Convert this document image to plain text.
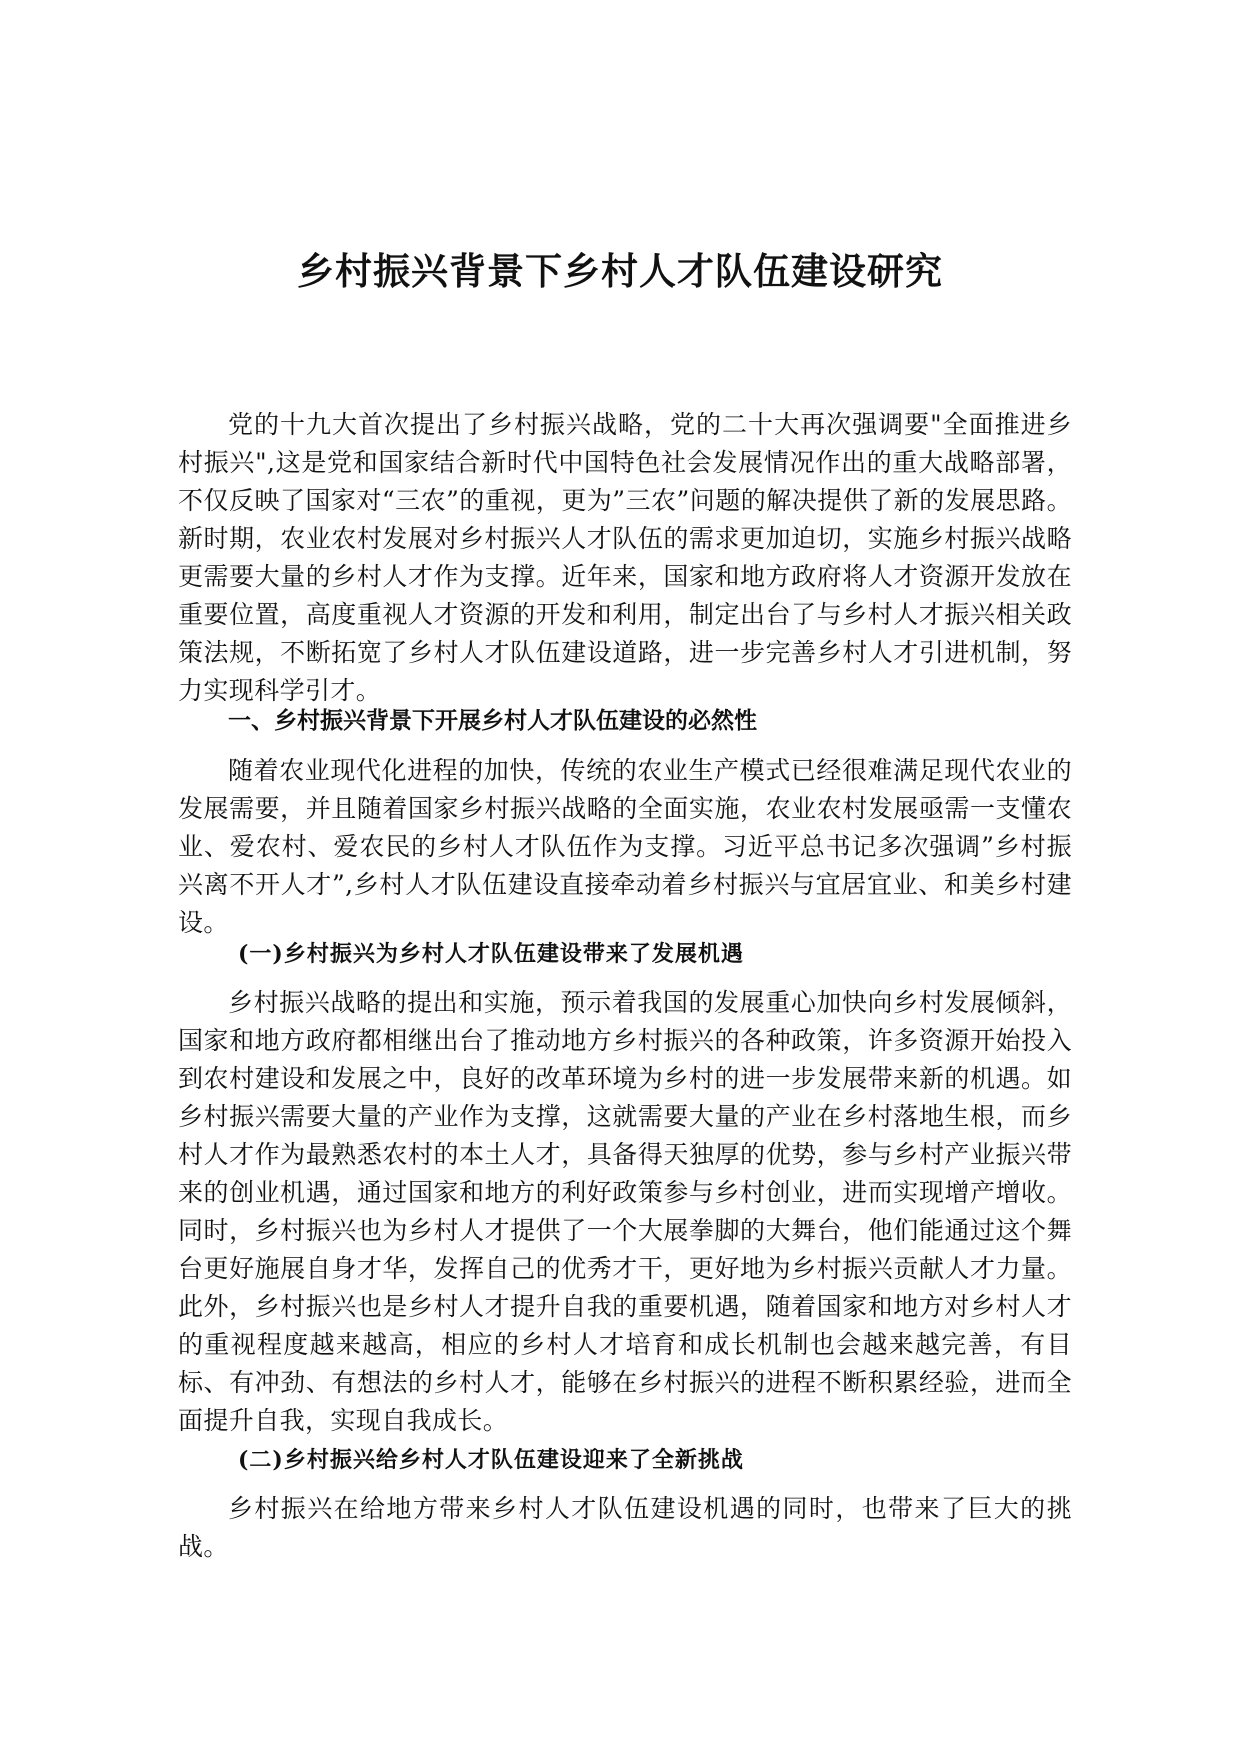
乡村振兴背景下乡村人才队伍建设研究

党的十九大首次提出了乡村振兴战略，党的二十大再次强调要"全面推进乡村振兴",这是党和国家结合新时代中国特色社会发展情况作出的重大战略部署，不仅反映了国家对“三农”的重视，更为”三农”问题的解决提供了新的发展思路。新时期，农业农村发展对乡村振兴人才队伍的需求更加迫切，实施乡村振兴战略更需要大量的乡村人才作为支撑。近年来，国家和地方政府将人才资源开发放在重要位置，高度重视人才资源的开发和利用，制定出台了与乡村人才振兴相关政策法规，不断拓宽了乡村人才队伍建设道路，进一步完善乡村人才引进机制，努力实现科学引才。

一、乡村振兴背景下开展乡村人才队伍建设的必然性

随着农业现代化进程的加快，传统的农业生产模式已经很难满足现代农业的发展需要，并且随着国家乡村振兴战略的全面实施，农业农村发展亟需一支懂农业、爱农村、爱农民的乡村人才队伍作为支撑。习近平总书记多次强调”乡村振兴离不开人才”,乡村人才队伍建设直接牵动着乡村振兴与宜居宜业、和美乡村建设。

(一)乡村振兴为乡村人才队伍建设带来了发展机遇

乡村振兴战略的提出和实施，预示着我国的发展重心加快向乡村发展倾斜，国家和地方政府都相继出台了推动地方乡村振兴的各种政策，许多资源开始投入到农村建设和发展之中，良好的改革环境为乡村的进一步发展带来新的机遇。如乡村振兴需要大量的产业作为支撑，这就需要大量的产业在乡村落地生根，而乡村人才作为最熟悉农村的本土人才，具备得天独厚的优势，参与乡村产业振兴带来的创业机遇，通过国家和地方的利好政策参与乡村创业，进而实现增产增收。同时，乡村振兴也为乡村人才提供了一个大展拳脚的大舞台，他们能通过这个舞台更好施展自身才华，发挥自己的优秀才干，更好地为乡村振兴贡献人才力量。此外，乡村振兴也是乡村人才提升自我的重要机遇，随着国家和地方对乡村人才的重视程度越来越高，相应的乡村人才培育和成长机制也会越来越完善，有目标、有冲劲、有想法的乡村人才，能够在乡村振兴的进程不断积累经验，进而全面提升自我，实现自我成长。

(二)乡村振兴给乡村人才队伍建设迎来了全新挑战

乡村振兴在给地方带来乡村人才队伍建设机遇的同时，也带来了巨大的挑战。
